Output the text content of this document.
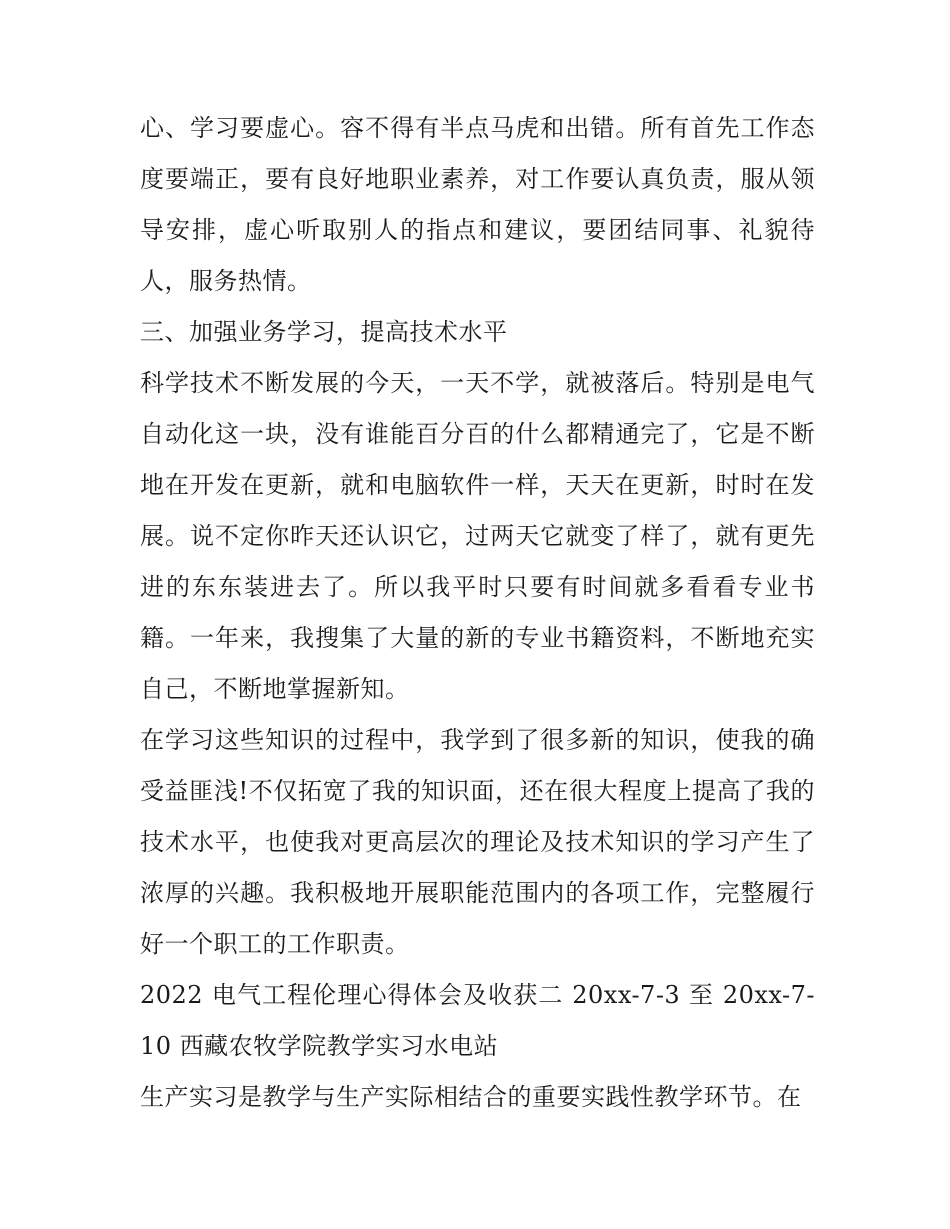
心、学习要虚心。容不得有半点马虎和出错。所有首先工作态度要端正，要有良好地职业素养，对工作要认真负责，服从领导安排，虚心听取别人的指点和建议，要团结同事、礼貌待人，服务热情。

三、加强业务学习，提高技术水平

科学技术不断发展的今天，一天不学，就被落后。特别是电气自动化这一块，没有谁能百分百的什么都精通完了，它是不断地在开发在更新，就和电脑软件一样，天天在更新，时时在发展。说不定你昨天还认识它，过两天它就变了样了，就有更先进的东东装进去了。所以我平时只要有时间就多看看专业书籍。一年来，我搜集了大量的新的专业书籍资料，不断地充实自己，不断地掌握新知。

在学习这些知识的过程中，我学到了很多新的知识，使我的确受益匪浅!不仅拓宽了我的知识面，还在很大程度上提高了我的技术水平，也使我对更高层次的理论及技术知识的学习产生了浓厚的兴趣。我积极地开展职能范围内的各项工作，完整履行好一个职工的工作职责。

2022 电气工程伦理心得体会及收获二 20xx-7-3 至 20xx-7-10 西藏农牧学院教学实习水电站

生产实习是教学与生产实际相结合的重要实践性教学环节。在
